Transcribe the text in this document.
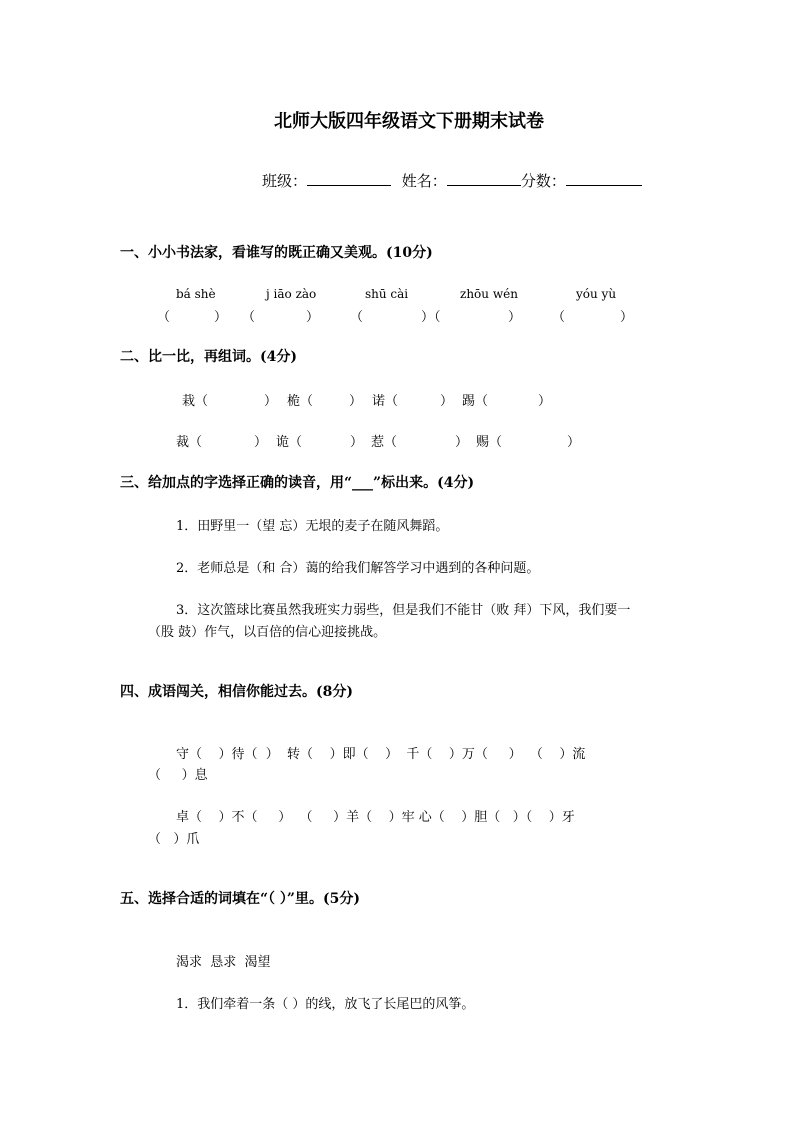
北师大版四年级语文下册期末试卷
班级：	姓名：	分数：
一、小小书法家，看谁写的既正确又美观。(10分)
bá shè	j iāo zào	shū cài	zhōu wén	yóu yù
（	） （	） （	）（	） （	）
二、比一比，再组词。(4分)
栽（	） 桅（	） 诺（	） 踢（	）
裁（	） 诡（	） 惹（	） 赐（	）
三、给加点的字选择正确的读音，用“___”标出来。(4分)
1．田野里一（望 忘）无垠的麦子在随风舞蹈。
2．老师总是（和 合）蔼的给我们解答学习中遇到的各种问题。
3．这次篮球比赛虽然我班实力弱些，但是我们不能甘（败 拜）下风，我们要一
（股 鼓）作气，以百倍的信心迎接挑战。
四、成语闯关，相信你能过去。(8分)
守（    ）待（  ）  转（    ）即（    ）  千（    ）万（     ）  （    ）流
（     ）息
卓（    ）不（     ）  （     ）羊（    ）牢 心（    ）胆（   ）（    ）牙
（   ）爪
五、选择合适的词填在“（ ）”里。(5分)
渴求  恳求  渴望
1．我们牵着一条（ ）的线，放飞了长尾巴的风筝。
